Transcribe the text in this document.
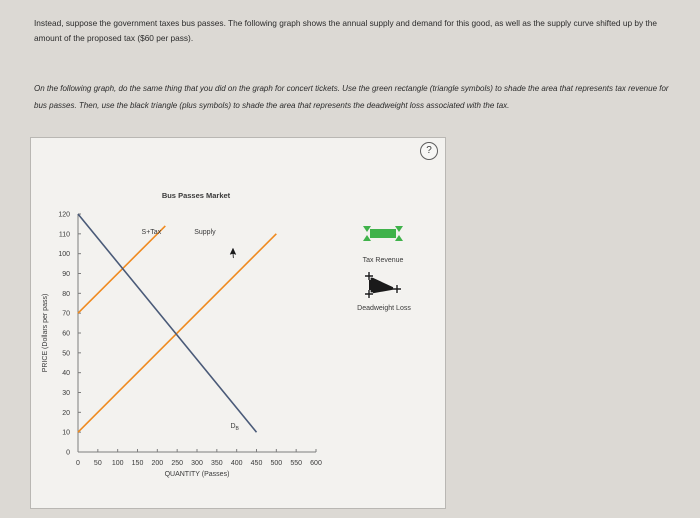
Instead, suppose the government taxes bus passes. The following graph shows the annual supply and demand for this good, as well as the supply curve shifted up by the amount of the proposed tax ($60 per pass).
On the following graph, do the same thing that you did on the graph for concert tickets. Use the green rectangle (triangle symbols) to shade the area that represents tax revenue for bus passes. Then, use the black triangle (plus symbols) to shade the area that represents the deadweight loss associated with the tax.
?
Bus Passes Market
0
10
20
30
40
50
60
70
80
90
100
110
120
0 50 100 150 200 250 300 350 400 450 500 550 600
S+Tax	Supply
$D_B$
PRICE (Dollars per pass)
QUANTITY (Passes)
Tax Revenue
Deadweight Loss
